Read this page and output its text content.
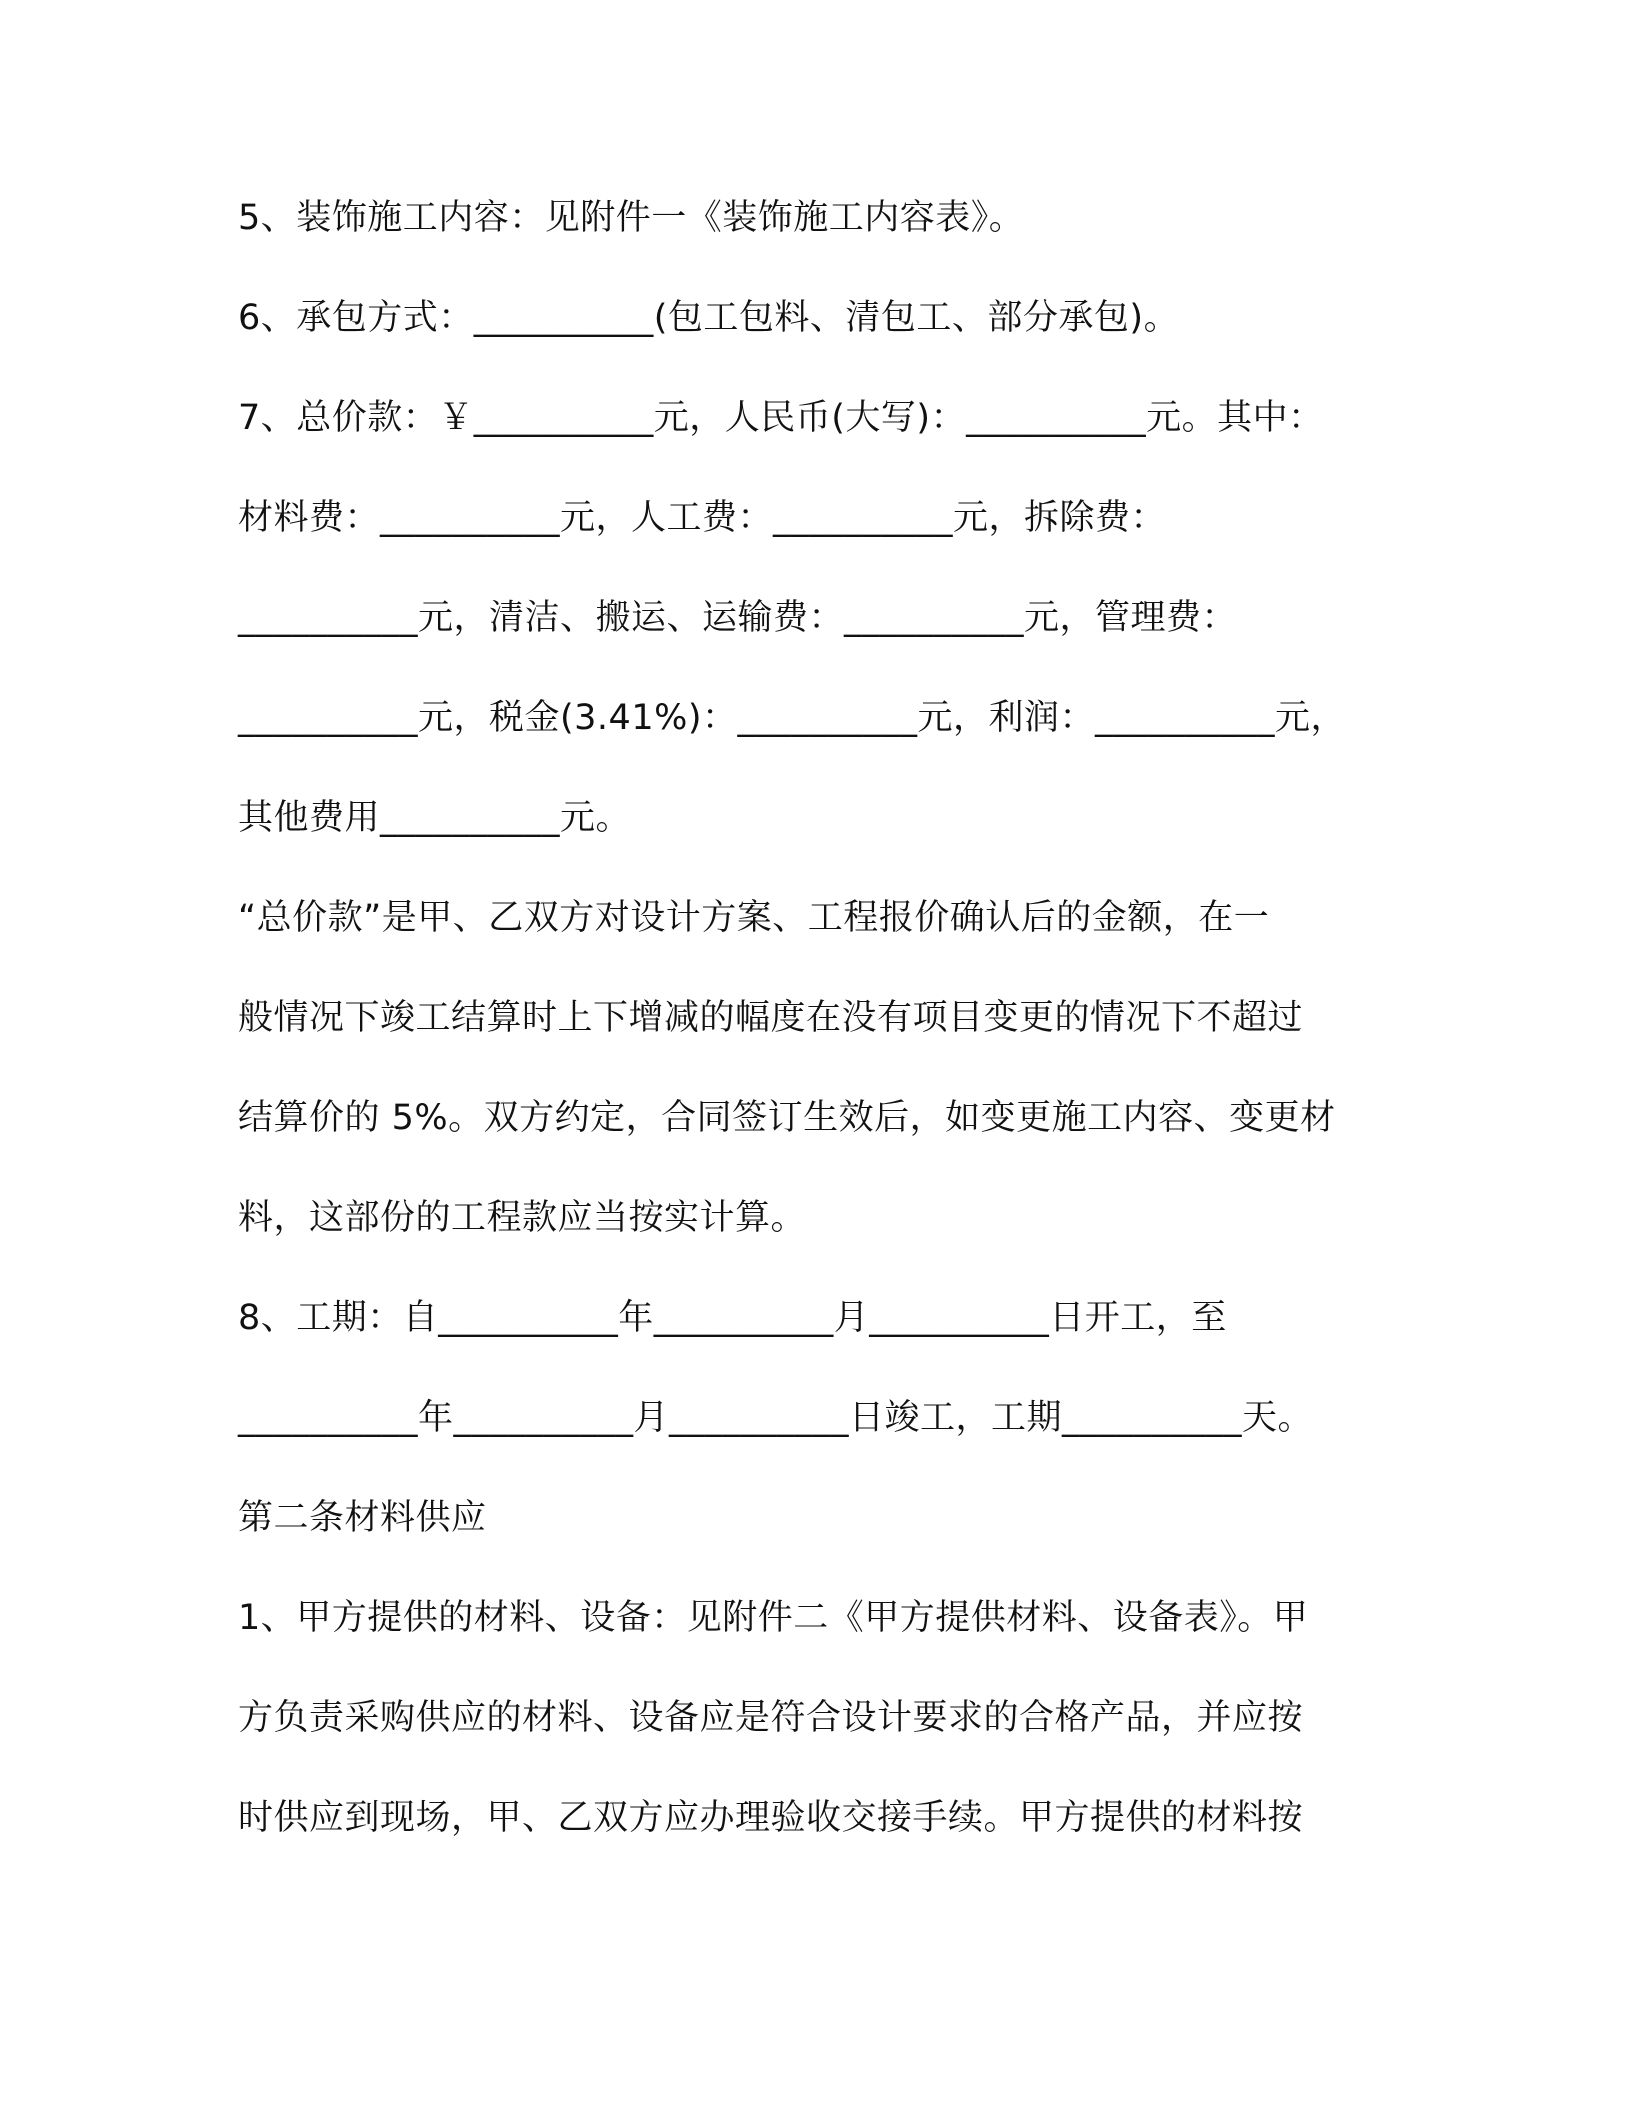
5、装饰施工内容：见附件一《装饰施工内容表》。
6、承包方式：__________(包工包料、清包工、部分承包)。
7、总价款：￥__________元，人民币(大写)：__________元。其中：
材料费：__________元，人工费：__________元，拆除费：
__________元，清洁、搬运、运输费：__________元，管理费：
__________元，税金(3.41%)：__________元，利润：__________元，
其他费用__________元。
“总价款”是甲、乙双方对设计方案、工程报价确认后的金额，在一
般情况下竣工结算时上下增减的幅度在没有项目变更的情况下不超过
结算价的 5%。双方约定，合同签订生效后，如变更施工内容、变更材
料，这部份的工程款应当按实计算。
8、工期：自__________年__________月__________日开工，至
__________年__________月__________日竣工，工期__________天。
第二条材料供应
1、甲方提供的材料、设备：见附件二《甲方提供材料、设备表》。甲
方负责采购供应的材料、设备应是符合设计要求的合格产品，并应按
时供应到现场，甲、乙双方应办理验收交接手续。甲方提供的材料按
